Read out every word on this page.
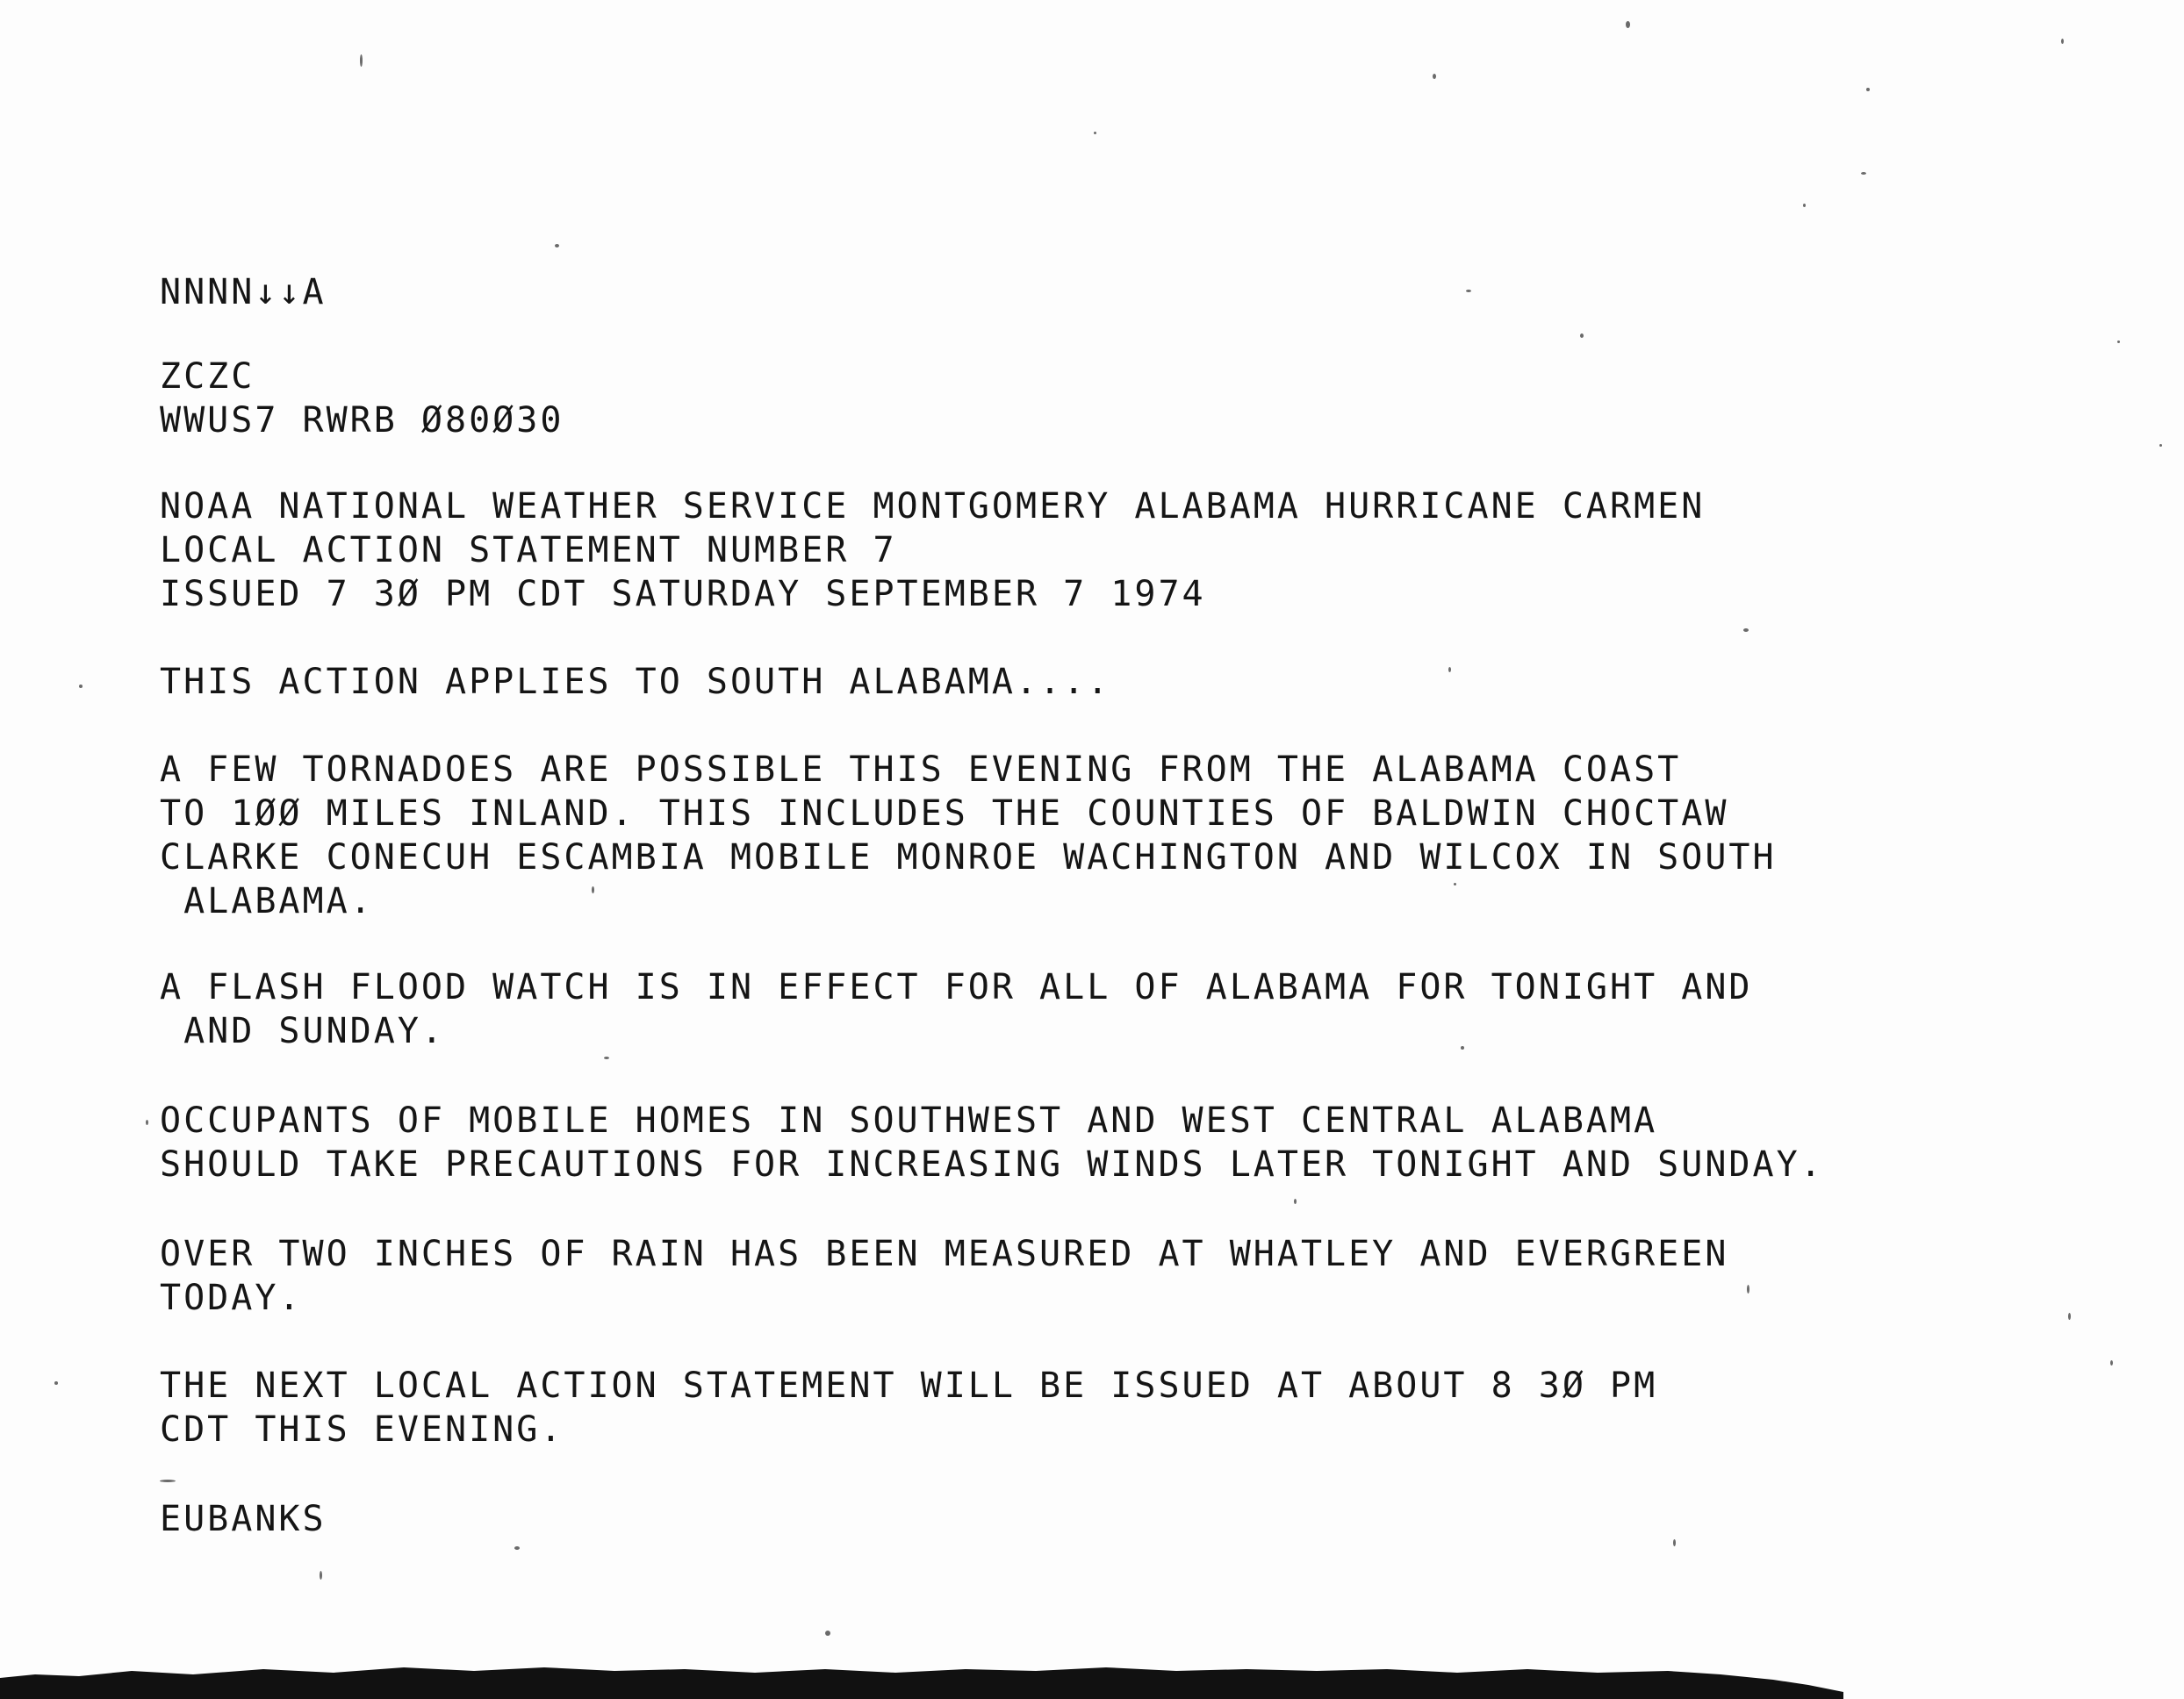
NNNN↓↓A
ZCZC
WWUS7 RWRB Ø80Ø30
NOAA NATIONAL WEATHER SERVICE MONTGOMERY ALABAMA HURRICANE CARMEN
LOCAL ACTION STATEMENT NUMBER 7
ISSUED 7 3Ø PM CDT SATURDAY SEPTEMBER 7 1974
THIS ACTION APPLIES TO SOUTH ALABAMA....
A FEW TORNADOES ARE POSSIBLE THIS EVENING FROM THE ALABAMA COAST
TO 1ØØ MILES INLAND. THIS INCLUDES THE COUNTIES OF BALDWIN CHOCTAW
CLARKE CONECUH ESCAMBIA MOBILE MONROE WACHINGTON AND WILCOX IN SOUTH
ALABAMA.
A FLASH FLOOD WATCH IS IN EFFECT FOR ALL OF ALABAMA FOR TONIGHT AND
AND SUNDAY.
OCCUPANTS OF MOBILE HOMES IN SOUTHWEST AND WEST CENTRAL ALABAMA
SHOULD TAKE PRECAUTIONS FOR INCREASING WINDS LATER TONIGHT AND SUNDAY.
OVER TWO INCHES OF RAIN HAS BEEN MEASURED AT WHATLEY AND EVERGREEN
TODAY.
THE NEXT LOCAL ACTION STATEMENT WILL BE ISSUED AT ABOUT 8 3Ø PM
CDT THIS EVENING.
EUBANKS
